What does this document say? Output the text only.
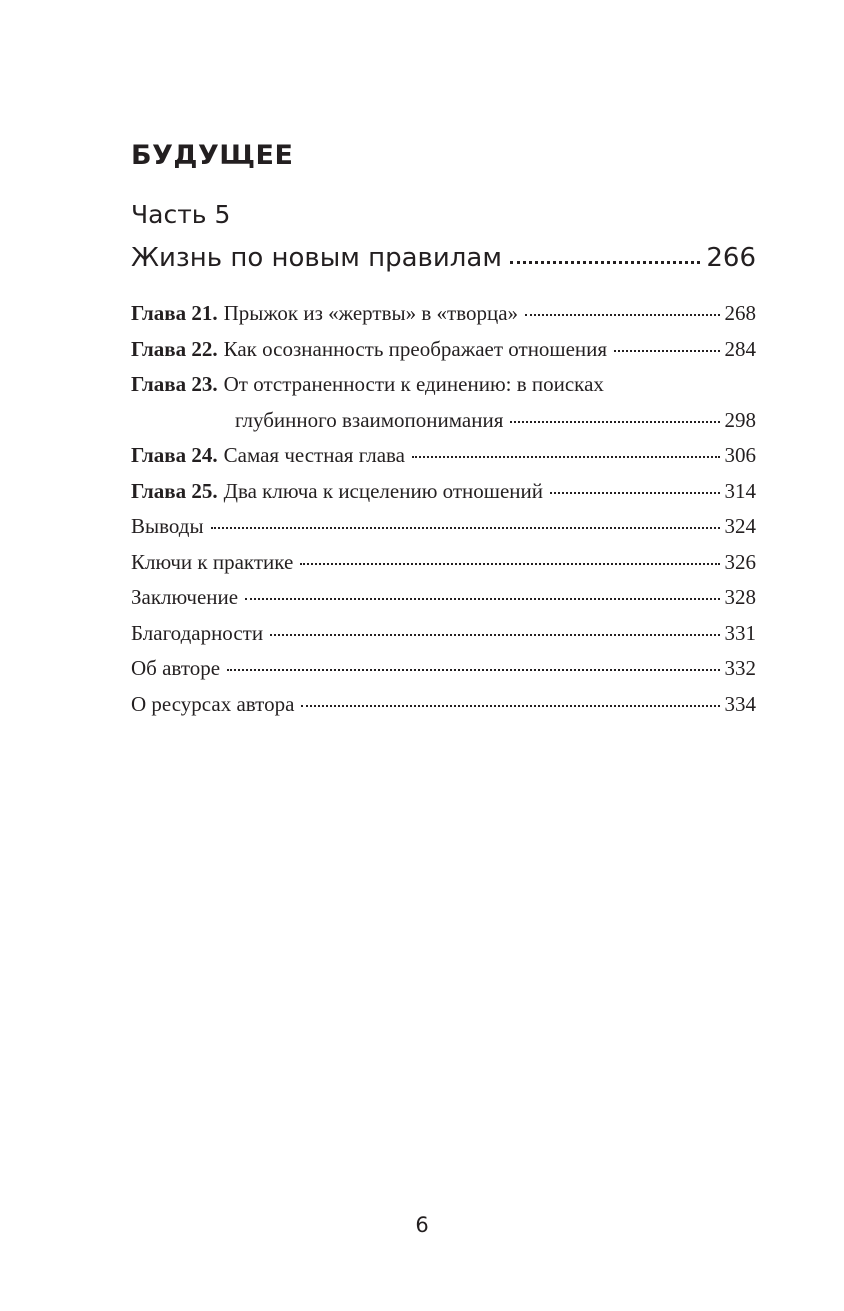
БУДУЩЕЕ
Часть 5
Жизнь по новым правилам	266
Глава 21. Прыжок из «жертвы» в «творца»	268
Глава 22. Как осознанность преображает отношения	284
Глава 23. От отстраненности к единению: в поисках
глубинного взаимопонимания	298
Глава 24. Самая честная глава	306
Глава 25. Два ключа к исцелению отношений	314
Выводы	324
Ключи к практике	326
Заключение	328
Благодарности	331
Об авторе	332
О ресурсах автора	334
6
